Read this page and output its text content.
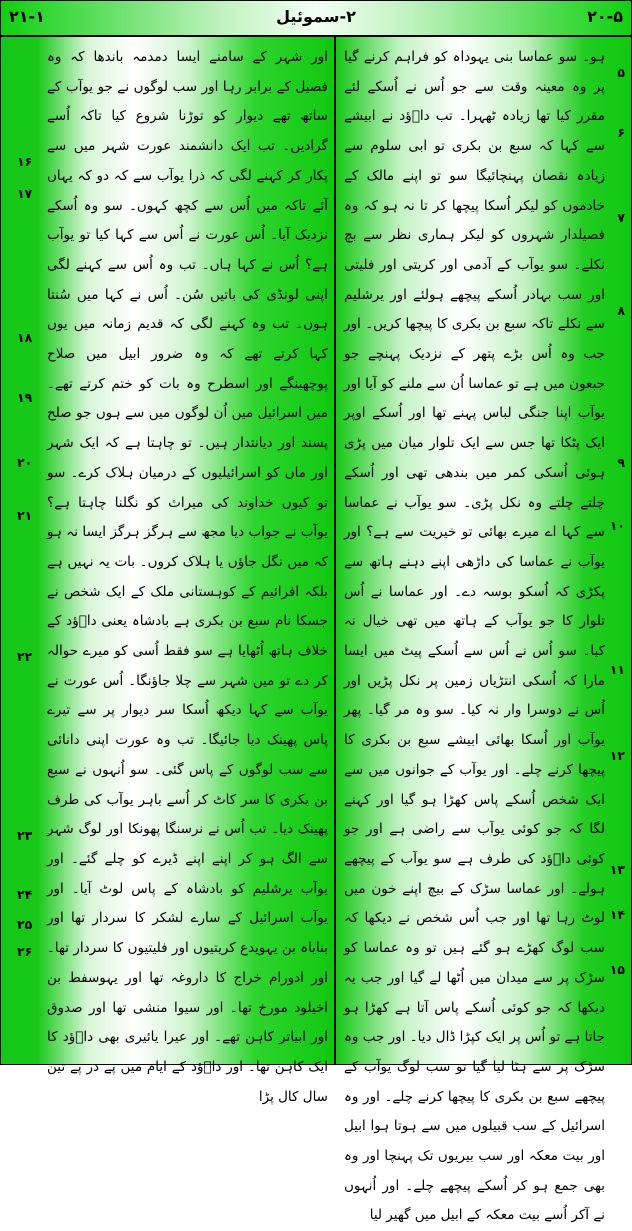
۲۱-۱	۲-سموئیل	۲۰-۵
اور شہر کے سامنے ایسا دمدمہ باندھا کہ وہ فصیل کے برابر رہا اور سب لوگوں نے جو یوآب کے ساتھ تھے دیوار کو توڑنا شروع کیا تاکہ اُسے گرادیں۔ تب ایک دانشمند عورت شہر میں سے پکار کر کہنے لگی کہ ذرا یوآب سے کہ دو کہ یہاں آئے تاکہ میں اُس سے کچھ کہوں۔ سو وہ اُسکے نزدیک آیا۔ اُس عورت نے اُس سے کہا کیا تو یوآب ہے؟ اُس نے کہا ہاں۔ تب وہ اُس سے کہنے لگی اپنی لونڈی کی باتیں سُن۔ اُس نے کہا میں سُنتا ہوں۔ تب وہ کہنے لگی کہ قدیم زمانہ میں یوں کہا کرتے تھے کہ وہ ضرور ابیل میں صلاح پوچھینگے اور اسطرح وہ بات کو ختم کرتے تھے۔ میں اسرائیل میں اُن لوگوں میں سے ہوں جو صلح پسند اور دیانتدار ہیں۔ تو چاہتا ہے کہ ایک شہر اور ماں کو اسرائیلیوں کے درمیان ہلاک کرے۔ سو تو کیوں خداوند کی میراث کو نگلنا چاہتا ہے؟ یوآب نے جواب دیا مجھ سے ہرگز ہرگز ایسا نہ ہو کہ میں نگل جاؤں یا ہلاک کروں۔ بات یہ نہیں ہے بلکہ افرائیم کے کوہستانی ملک کے ایک شخص نے جسکا نام سبع بن بکری ہے بادشاہ یعنی داؔؤد کے خلاف ہاتھ اُٹھایا ہے سو فقط اُسی کو میرے حوالہ کر دے تو میں شہر سے چلا جاؤنگا۔ اُس عورت نے یوآب سے کہا دیکھ اُسکا سر دیوار پر سے تیرے پاس پھینک دیا جائیگا۔ تب وہ عورت اپنی دانائی سے سب لوگوں کے پاس گئی۔ سو اُنہوں نے سبع بن بکری کا سر کاٹ کر اُسے باہر یوآب کی طرف پھینک دیا۔ تب اُس نے نرسنگا پھونکا اور لوگ شہر سے الگ ہو کر اپنے اپنے ڈیرے کو چلے گئے۔ اور یوآب یرشلیم کو بادشاہ کے پاس لوٹ آیا۔ اور یوآب اسرائیل کے سارے لشکر کا سردار تھا اور بنایاہ بن یہویدع کریتیوں اور فلیتیوں کا سردار تھا۔ اور ادورام خراج کا داروغہ تھا اور یہوسفط بن اخیلود مورخ تھا۔ اور سیوا منشی تھا اور صدوق اور ابیاتر کاہن تھے۔ اور عیرا یائیری بھی داؔؤد کا ایک کاہن تھا۔ اور داؔؤد کے ایام میں پے در پے تین سال کال پڑا
۱۶
۱۷
۱۸
۱۹
۲۰
۲۱
۲۲
۲۳
۲۴
۲۵
۲۶
ہو۔ سو عماسا بنی یہوداہ کو فراہم کرنے گیا پر وہ معینہ وقت سے جو اُس نے اُسکے لئے مقرر کیا تھا زیادہ ٹھہرا۔ تب داؔؤد نے ابیشے سے کہا کہ سبع بن بکری تو ابی سلوم سے زیادہ نقصان پہنچائیگا سو تو اپنے مالک کے خادموں کو لیکر اُسکا پیچھا کر تا نہ ہو کہ وہ فصیلدار شہروں کو لیکر ہماری نظر سے بچ نکلے۔ سو یوآب کے آدمی اور کریتی اور فلیتی اور سب بہادر اُسکے پیچھے ہولئے اور یرشلیم سے نکلے تاکہ سبع بن بکری کا پیچھا کریں۔ اور جب وہ اُس بڑے پتھر کے نزدیک پہنچے جو جبعون میں ہے تو عماسا اُن سے ملنے کو آیا اور یوآب اپنا جنگی لباس پہنے تھا اور اُسکے اوپر ایک پٹکا تھا جس سے ایک تلوار میان میں پڑی ہوئی اُسکی کمر میں بندھی تھی اور اُسکے چلتے چلتے وہ نکل پڑی۔ سو یوآب نے عماسا سے کہا اے میرے بھائی تو خیریت سے ہے؟ اور یوآب نے عماسا کی داڑھی اپنے دہنے ہاتھ سے پکڑی کہ اُسکو بوسہ دے۔ اور عماسا نے اُس تلوار کا جو یوآب کے ہاتھ میں تھی خیال نہ کیا۔ سو اُس نے اُس سے اُسکے پیٹ میں ایسا مارا کہ اُسکی انتڑیاں زمین پر نکل پڑیں اور اُس نے دوسرا وار نہ کیا۔ سو وہ مر گیا۔ پھر یوآب اور اُسکا بھائی ابیشے سبع بن بکری کا پیچھا کرنے چلے۔ اور یوآب کے جوانوں میں سے ایک شخص اُسکے پاس کھڑا ہو گیا اور کہنے لگا کہ جو کوئی یوآب سے راضی ہے اور جو کوئی داؔؤد کی طرف ہے سو یوآب کے پیچھے ہولے۔ اور عماسا سڑک کے بیچ اپنے خون میں لوٹ رہا تھا اور جب اُس شخص نے دیکھا کہ سب لوگ کھڑے ہو گئے ہیں تو وہ عماسا کو سڑک پر سے میدان میں اُٹھا لے گیا اور جب یہ دیکھا کہ جو کوئی اُسکے پاس آتا ہے کھڑا ہو جاتا ہے تو اُس پر ایک کپڑا ڈال دیا۔ اور جب وہ سڑک پر سے ہٹا لیا گیا تو سب لوگ یوآب کے پیچھے سبع بن بکری کا پیچھا کرنے چلے۔ اور وہ اسرائیل کے سب قبیلوں میں سے ہوتا ہوا ابیل اور بیت معکہ اور سب بیریوں تک پہنچا اور وہ بھی جمع ہو کر اُسکے پیچھے چلے۔ اور اُنہوں نے آکر اُسے بیت معکہ کے ابیل میں گھیر لیا
۵
۶
۷
۸
۹
۱۰
۱۱
۱۲
۱۳
۱۴
۱۵
